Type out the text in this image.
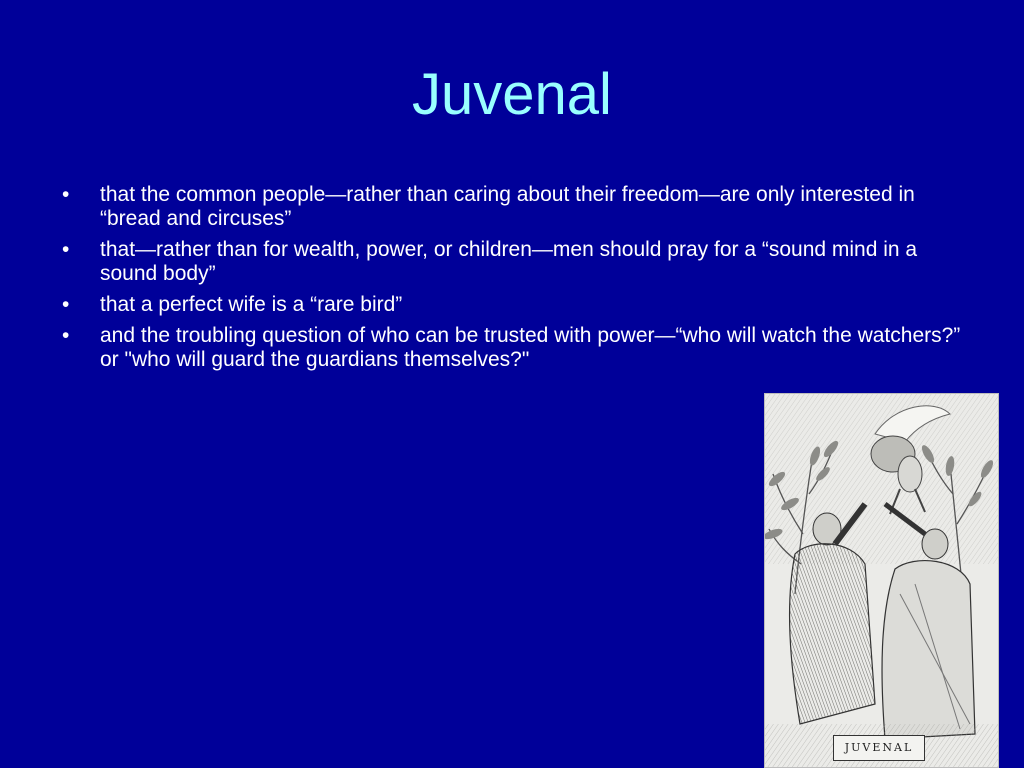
Juvenal
•	that the common people—rather than caring about their freedom—are only interested in “bread and circuses”
•	that—rather than for wealth, power, or children—men should pray for a “sound mind in a sound body”
•	that a perfect wife is a “rare bird”
•	and the troubling question of who can be trusted with power—“who will watch the watchers?” or "who will guard the guardians themselves?"
JUVENAL
